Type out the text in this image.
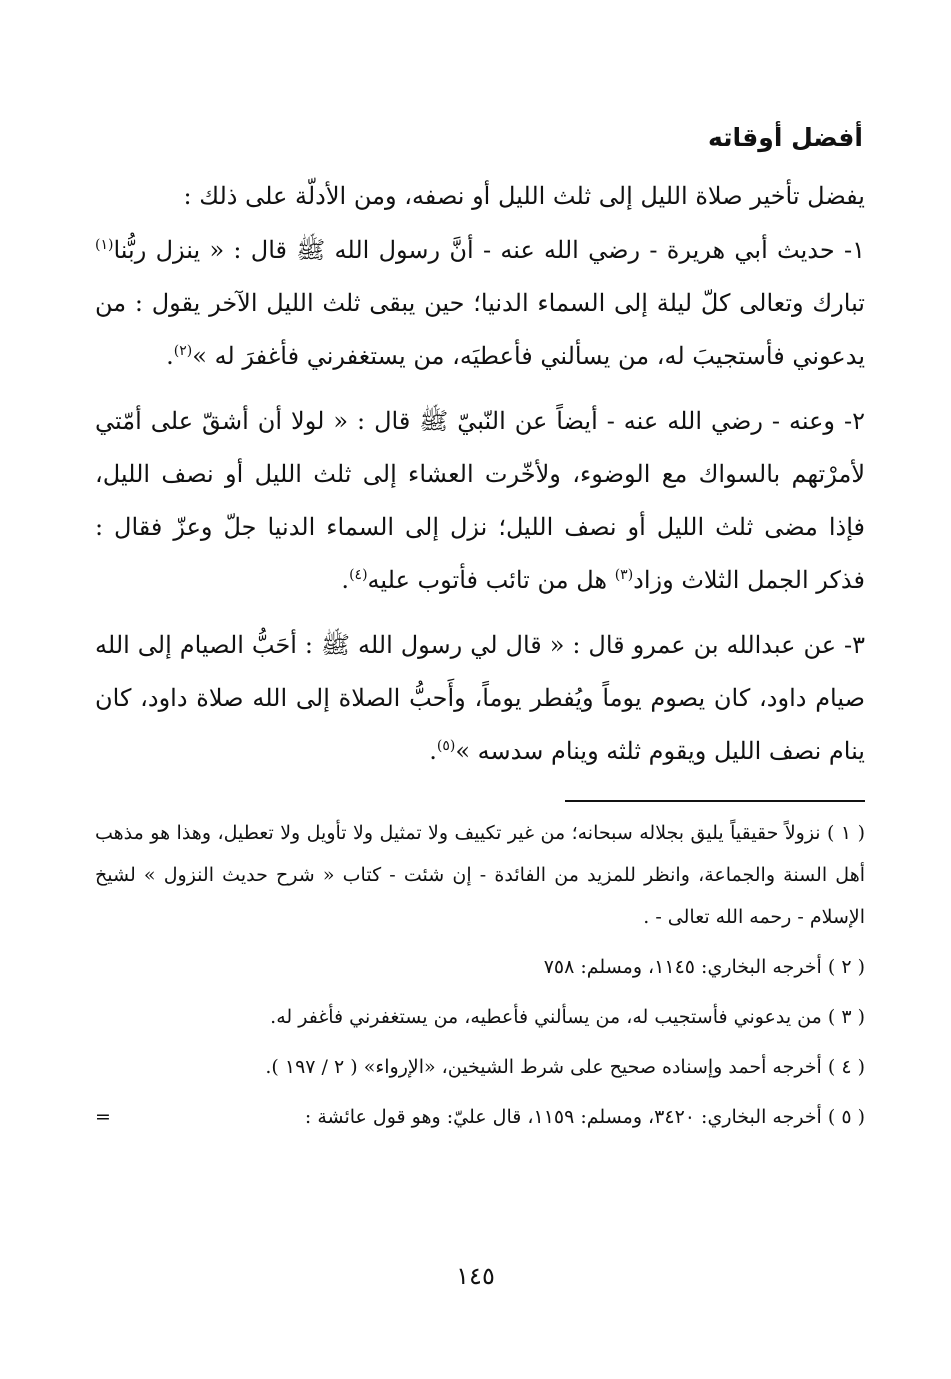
أفضل أوقاته

يفضل تأخير صلاة الليل إلى ثلث الليل أو نصفه، ومن الأدلّة على ذلك :

١- حديث أبي هريرة - رضي الله عنه - أنَّ رسول الله ﷺ قال : « ينزل ربُّنا$^{(١)}$ تبارك وتعالى كلّ ليلة إلى السماء الدنيا؛ حين يبقى ثلث الليل الآخر يقول : من يدعوني فأستجيبَ له، من يسألني فأعطيَه، من يستغفرني فأغفرَ له »$^{(٢)}$.

٢- وعنه - رضي الله عنه - أيضاً عن النّبيّ ﷺ قال : « لولا أن أشقّ على أمّتي لأمرْتهم بالسواك مع الوضوء، ولأخّرت العشاء إلى ثلث الليل أو نصف الليل، فإذا مضى ثلث الليل أو نصف الليل؛ نزل إلى السماء الدنيا جلّ وعزّ فقال : فذكر الجمل الثلاث وزاد$^{(٣)}$ هل من تائب فأتوب عليه$^{(٤)}$.

٣- عن عبدالله بن عمرو قال : « قال لي رسول الله ﷺ : أحَبُّ الصيام إلى الله صيام داود، كان يصوم يوماً ويُفطر يوماً، وأَحبُّ الصلاة إلى الله صلاة داود، كان ينام نصف الليل ويقوم ثلثه وينام سدسه »$^{(٥)}$.

( ١ ) نزولاً حقيقياً يليق بجلاله سبحانه؛ من غير تكييف ولا تمثيل ولا تأويل ولا تعطيل، وهذا هو مذهب أهل السنة والجماعة، وانظر للمزيد من الفائدة - إن شئت - كتاب « شرح حديث النزول » لشيخ الإسلام - رحمه الله تعالى - .

( ٢ ) أخرجه البخاري: ١١٤٥، ومسلم: ٧٥٨

( ٣ ) من يدعوني فأستجيب له، من يسألني فأعطيه، من يستغفرني فأغفر له.

( ٤ ) أخرجه أحمد وإسناده صحيح على شرط الشيخين، «الإرواء» ( ٢ / ١٩٧ ).

( ٥ ) أخرجه البخاري: ٣٤٢٠، ومسلم: ١١٥٩، قال عليّ: وهو قول عائشة :
=

١٤٥
